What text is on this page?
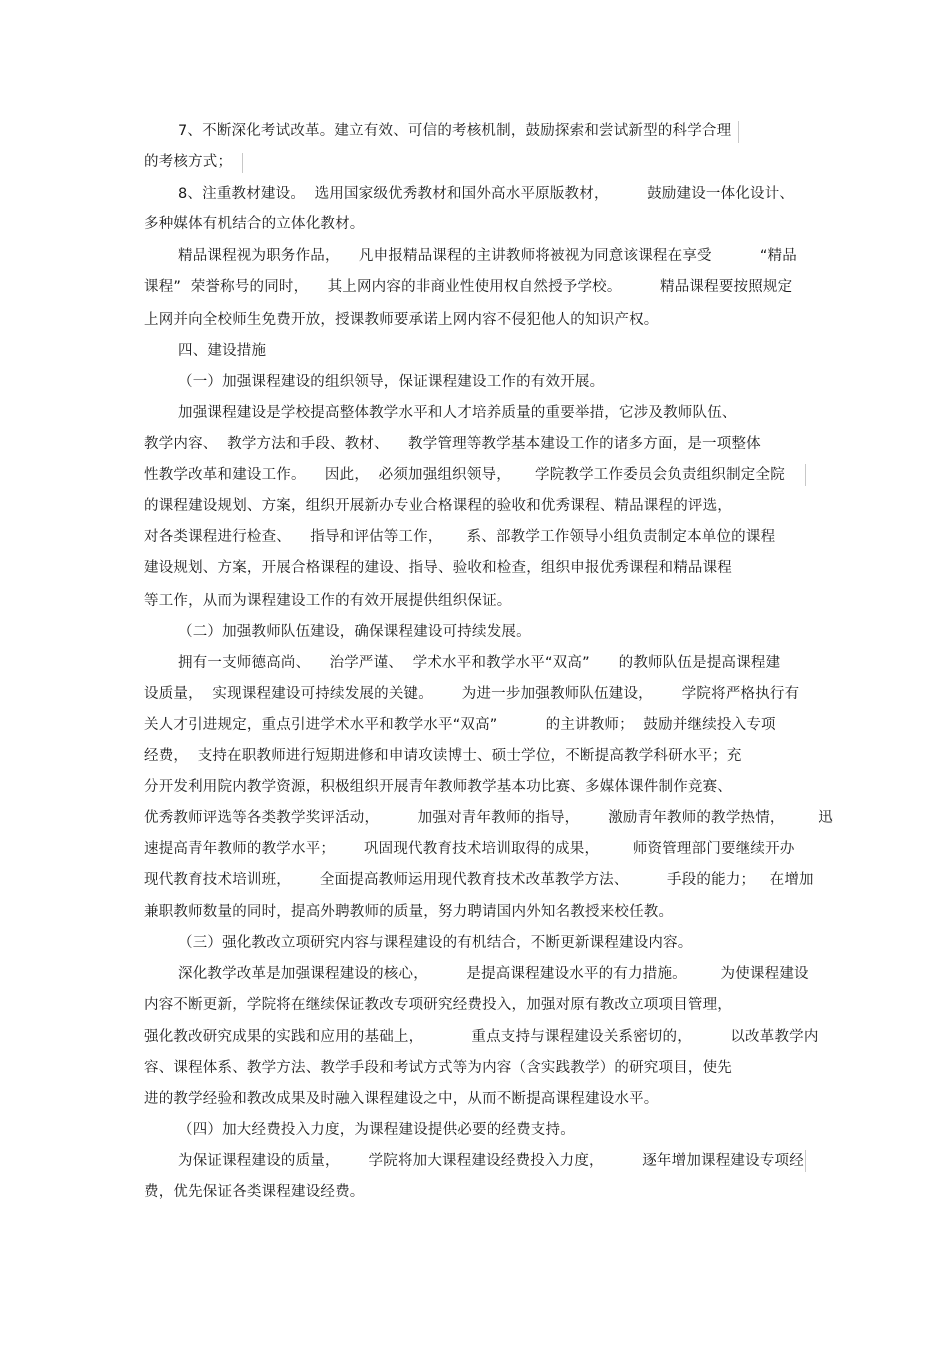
7、不断深化考试改革。建立有效、可信的考核机制，鼓励探索和尝试新型的科学合理
的考核方式；
8、注重教材建设。  选用国家级优秀教材和国外高水平原版教材，        鼓励建设一体化设计、
多种媒体有机结合的立体化教材。
精品课程视为职务作品，    凡申报精品课程的主讲教师将被视为同意该课程在享受          “精品
课程”  荣誉称号的同时，    其上网内容的非商业性使用权自然授予学校。        精品课程要按照规定
上网并向全校师生免费开放，授课教师要承诺上网内容不侵犯他人的知识产权。
四、建设措施
（一）加强课程建设的组织领导，保证课程建设工作的有效开展。
加强课程建设是学校提高整体教学水平和人才培养质量的重要举措，它涉及教师队伍、
教学内容、  教学方法和手段、教材、    教学管理等教学基本建设工作的诸多方面，是一项整体
性教学改革和建设工作。    因此，  必须加强组织领导，     学院教学工作委员会负责组织制定全院
的课程建设规划、方案，组织开展新办专业合格课程的验收和优秀课程、精品课程的评选，
对各类课程进行检查、    指导和评估等工作，     系、部教学工作领导小组负责制定本单位的课程
建设规划、方案，开展合格课程的建设、指导、验收和检查，组织申报优秀课程和精品课程
等工作，从而为课程建设工作的有效开展提供组织保证。
（二）加强教师队伍建设，确保课程建设可持续发展。
拥有一支师德高尚、    治学严谨、  学术水平和教学水平“双高”      的教师队伍是提高课程建
设质量，  实现课程建设可持续发展的关键。      为进一步加强教师队伍建设，      学院将严格执行有
关人才引进规定，重点引进学术水平和教学水平“双高”          的主讲教师；  鼓励并继续投入专项
经费，  支持在职教师进行短期进修和申请攻读博士、硕士学位，不断提高教学科研水平；充
分开发利用院内教学资源，积极组织开展青年教师教学基本功比赛、多媒体课件制作竞赛、
优秀教师评选等各类教学奖评活动，        加强对青年教师的指导，      激励青年教师的教学热情，       迅
速提高青年教师的教学水平；      巩固现代教育技术培训取得的成果，       师资管理部门要继续开办
现代教育技术培训班，      全面提高教师运用现代教育技术改革教学方法、        手段的能力；   在增加
兼职教师数量的同时，提高外聘教师的质量，努力聘请国内外知名教授来校任教。
（三）强化教改立项研究内容与课程建设的有机结合，不断更新课程建设内容。
深化教学改革是加强课程建设的核心，        是提高课程建设水平的有力措施。       为使课程建设
内容不断更新，学院将在继续保证教改专项研究经费投入，加强对原有教改立项项目管理，
强化教改研究成果的实践和应用的基础上，          重点支持与课程建设关系密切的，        以改革教学内
容、课程体系、教学方法、教学手段和考试方式等为内容（含实践教学）的研究项目，使先
进的教学经验和教改成果及时融入课程建设之中，从而不断提高课程建设水平。
（四）加大经费投入力度，为课程建设提供必要的经费支持。
为保证课程建设的质量，      学院将加大课程建设经费投入力度，        逐年增加课程建设专项经
费，优先保证各类课程建设经费。
